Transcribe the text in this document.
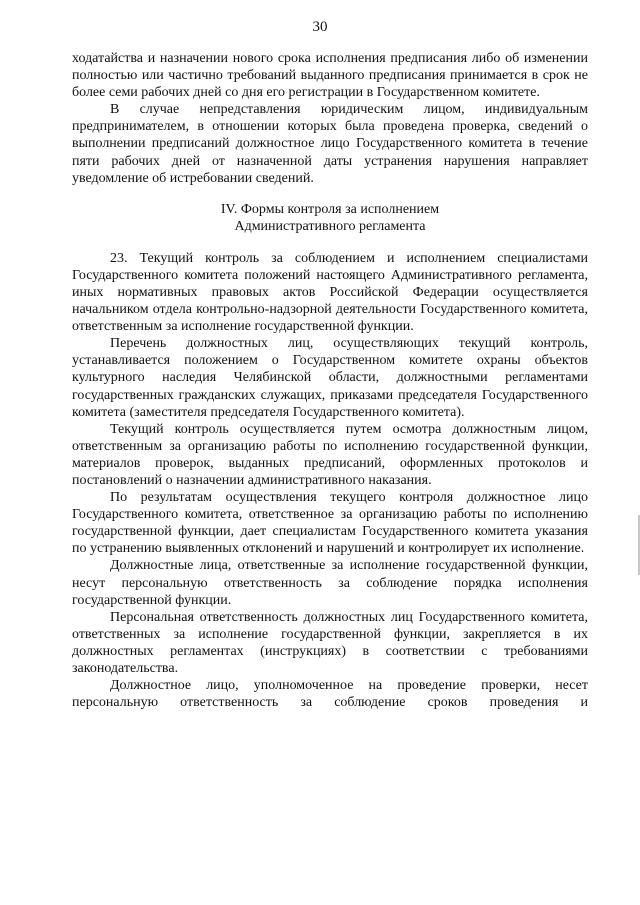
30

ходатайства и назначении нового срока исполнения предписания либо об изменении полностью или частично требований выданного предписания принимается в срок не более семи рабочих дней со дня его регистрации в Государственном комитете.

В случае непредставления юридическим лицом, индивидуальным предпринимателем, в отношении которых была проведена проверка, сведений о выполнении предписаний должностное лицо Государственного комитета в течение пяти рабочих дней от назначенной даты устранения нарушения направляет уведомление об истребовании сведений.

IV. Формы контроля за исполнением
Административного регламента

23. Текущий контроль за соблюдением и исполнением специалистами Государственного комитета положений настоящего Административного регламента, иных нормативных правовых актов Российской Федерации осуществляется начальником отдела контрольно-надзорной деятельности Государственного комитета, ответственным за исполнение государственной функции.

Перечень должностных лиц, осуществляющих текущий контроль, устанавливается положением о Государственном комитете охраны объектов культурного наследия Челябинской области, должностными регламентами государственных гражданских служащих, приказами председателя Государственного комитета (заместителя председателя Государственного комитета).

Текущий контроль осуществляется путем осмотра должностным лицом, ответственным за организацию работы по исполнению государственной функции, материалов проверок, выданных предписаний, оформленных протоколов и постановлений о назначении административного наказания.

По результатам осуществления текущего контроля должностное лицо Государственного комитета, ответственное за организацию работы по исполнению государственной функции, дает специалистам Государственного комитета указания по устранению выявленных отклонений и нарушений и контролирует их исполнение.

Должностные лица, ответственные за исполнение государственной функции, несут персональную ответственность за соблюдение порядка исполнения государственной функции.

Персональная ответственность должностных лиц Государственного комитета, ответственных за исполнение государственной функции, закрепляется в их должностных регламентах (инструкциях) в соответствии с требованиями законодательства.

Должностное лицо, уполномоченное на проведение проверки, несет персональную ответственность за соблюдение сроков проведения и
